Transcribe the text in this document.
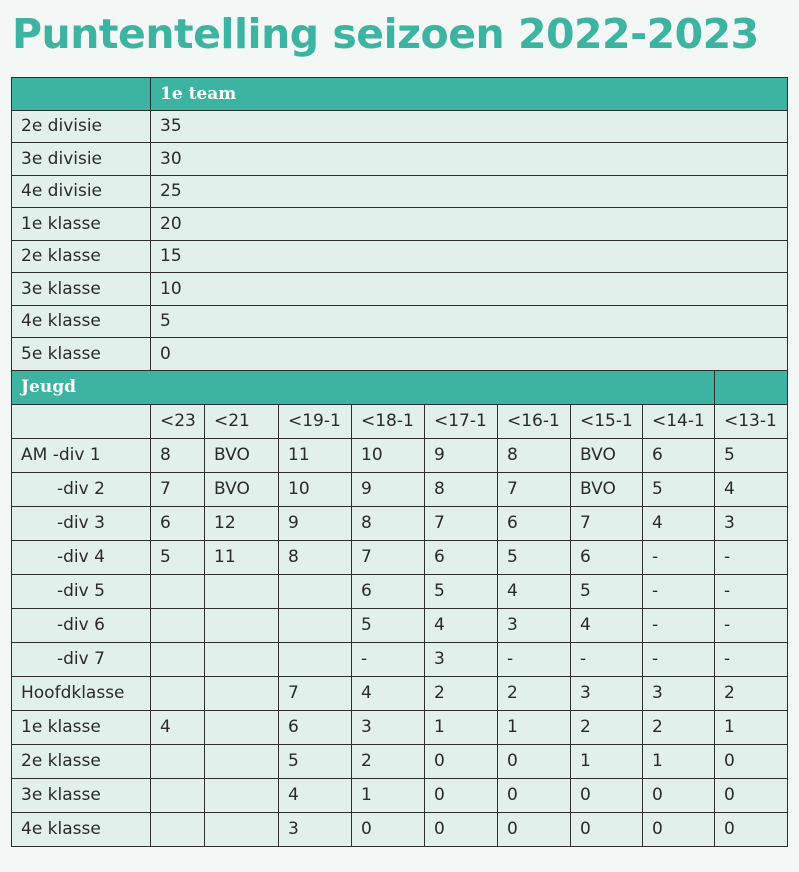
Puntentelling seizoen 2022-2023
	1e team								
2e divisie	35								
3e divisie	30								
4e divisie	25								
1e klasse	20								
2e klasse	15								
3e klasse	10								
4e klasse	5								
5e klasse	0								
Jeugd									
	<23	<21	<19-1	<18-1	<17-1	<16-1	<15-1	<14-1	<13-1
AM -div 1	8	BVO	11	10	9	8	BVO	6	5
-div 2	7	BVO	10	9	8	7	BVO	5	4
-div 3	6	12	9	8	7	6	7	4	3
-div 4	5	11	8	7	6	5	6	-	-
-div 5				6	5	4	5	-	-
-div 6				5	4	3	4	-	-
-div 7				-	3	-	-	-	-
Hoofdklasse			7	4	2	2	3	3	2
1e klasse	4		6	3	1	1	2	2	1
2e klasse			5	2	0	0	1	1	0
3e klasse			4	1	0	0	0	0	0
4e klasse			3	0	0	0	0	0	0
